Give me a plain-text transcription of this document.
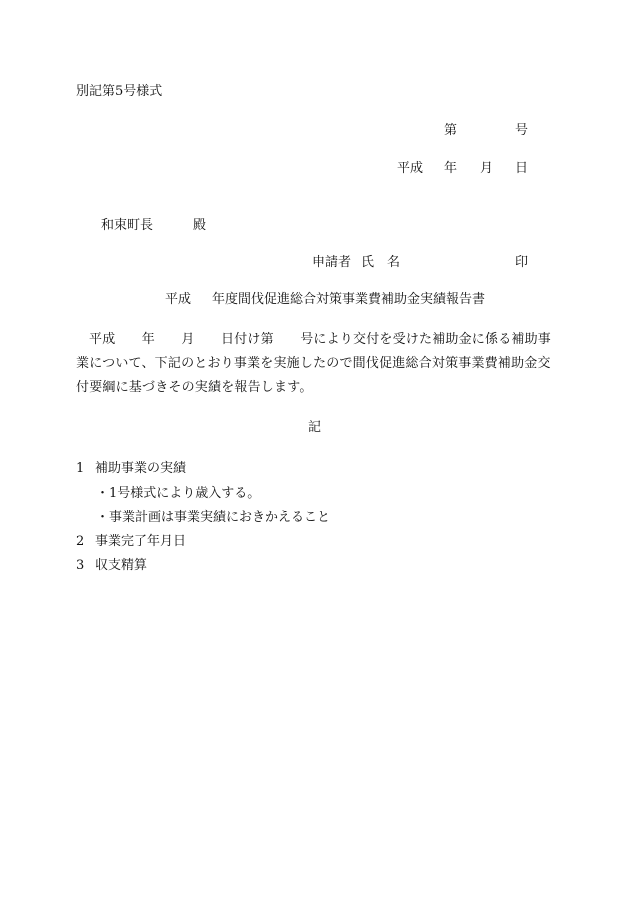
別記第5号様式
第	号
平成 年 月 日
和束町長	殿
申請者 氏　名	印
平成 年度間伐促進総合対策事業費補助金実績報告書
平成　　年　　月　　日付け第　　号により交付を受けた補助金に係る補助事業について、下記のとおり事業を実施したので間伐促進総合対策事業費補助金交付要綱に基づきその実績を報告します。
記
1 補助事業の実績
・1号様式により歳入する。
・事業計画は事業実績におきかえること
2 事業完了年月日
3 収支精算
